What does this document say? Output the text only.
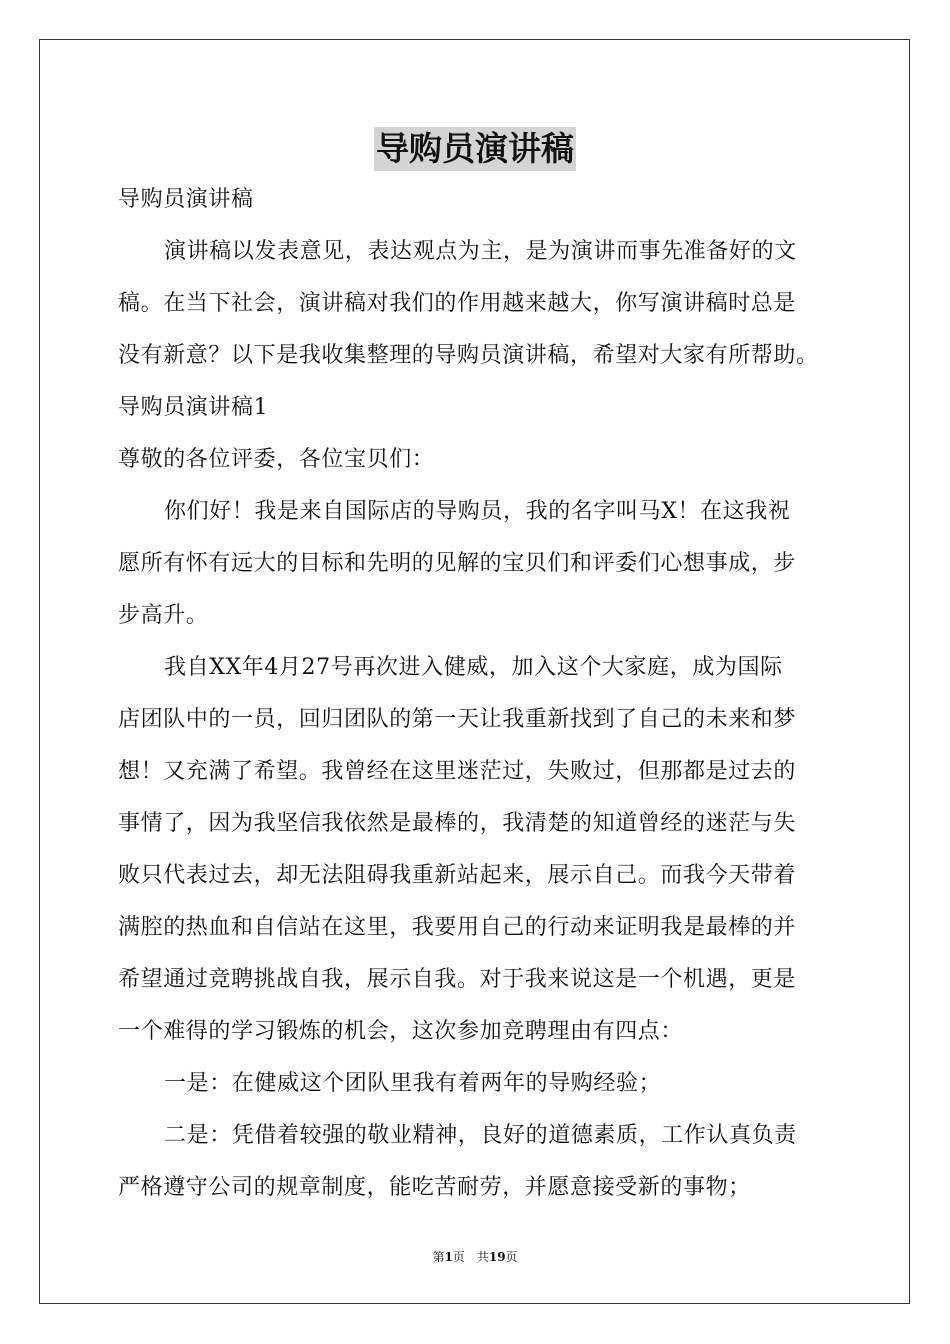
导购员演讲稿
导购员演讲稿
演讲稿以发表意见，表达观点为主，是为演讲而事先准备好的文
稿。在当下社会，演讲稿对我们的作用越来越大，你写演讲稿时总是
没有新意？以下是我收集整理的导购员演讲稿，希望对大家有所帮助。
导购员演讲稿1
尊敬的各位评委，各位宝贝们：
你们好！我是来自国际店的导购员，我的名字叫马X！在这我祝
愿所有怀有远大的目标和先明的见解的宝贝们和评委们心想事成，步
步高升。
我自XX年4月27号再次进入健威，加入这个大家庭，成为国际
店团队中的一员，回归团队的第一天让我重新找到了自己的未来和梦
想！又充满了希望。我曾经在这里迷茫过，失败过，但那都是过去的
事情了，因为我坚信我依然是最棒的，我清楚的知道曾经的迷茫与失
败只代表过去，却无法阻碍我重新站起来，展示自己。而我今天带着
满腔的热血和自信站在这里，我要用自己的行动来证明我是最棒的并
希望通过竞聘挑战自我，展示自我。对于我来说这是一个机遇，更是
一个难得的学习锻炼的机会，这次参加竞聘理由有四点：
一是：在健威这个团队里我有着两年的导购经验；
二是：凭借着较强的敬业精神，良好的道德素质，工作认真负责
严格遵守公司的规章制度，能吃苦耐劳，并愿意接受新的事物；
第1页 共19页
